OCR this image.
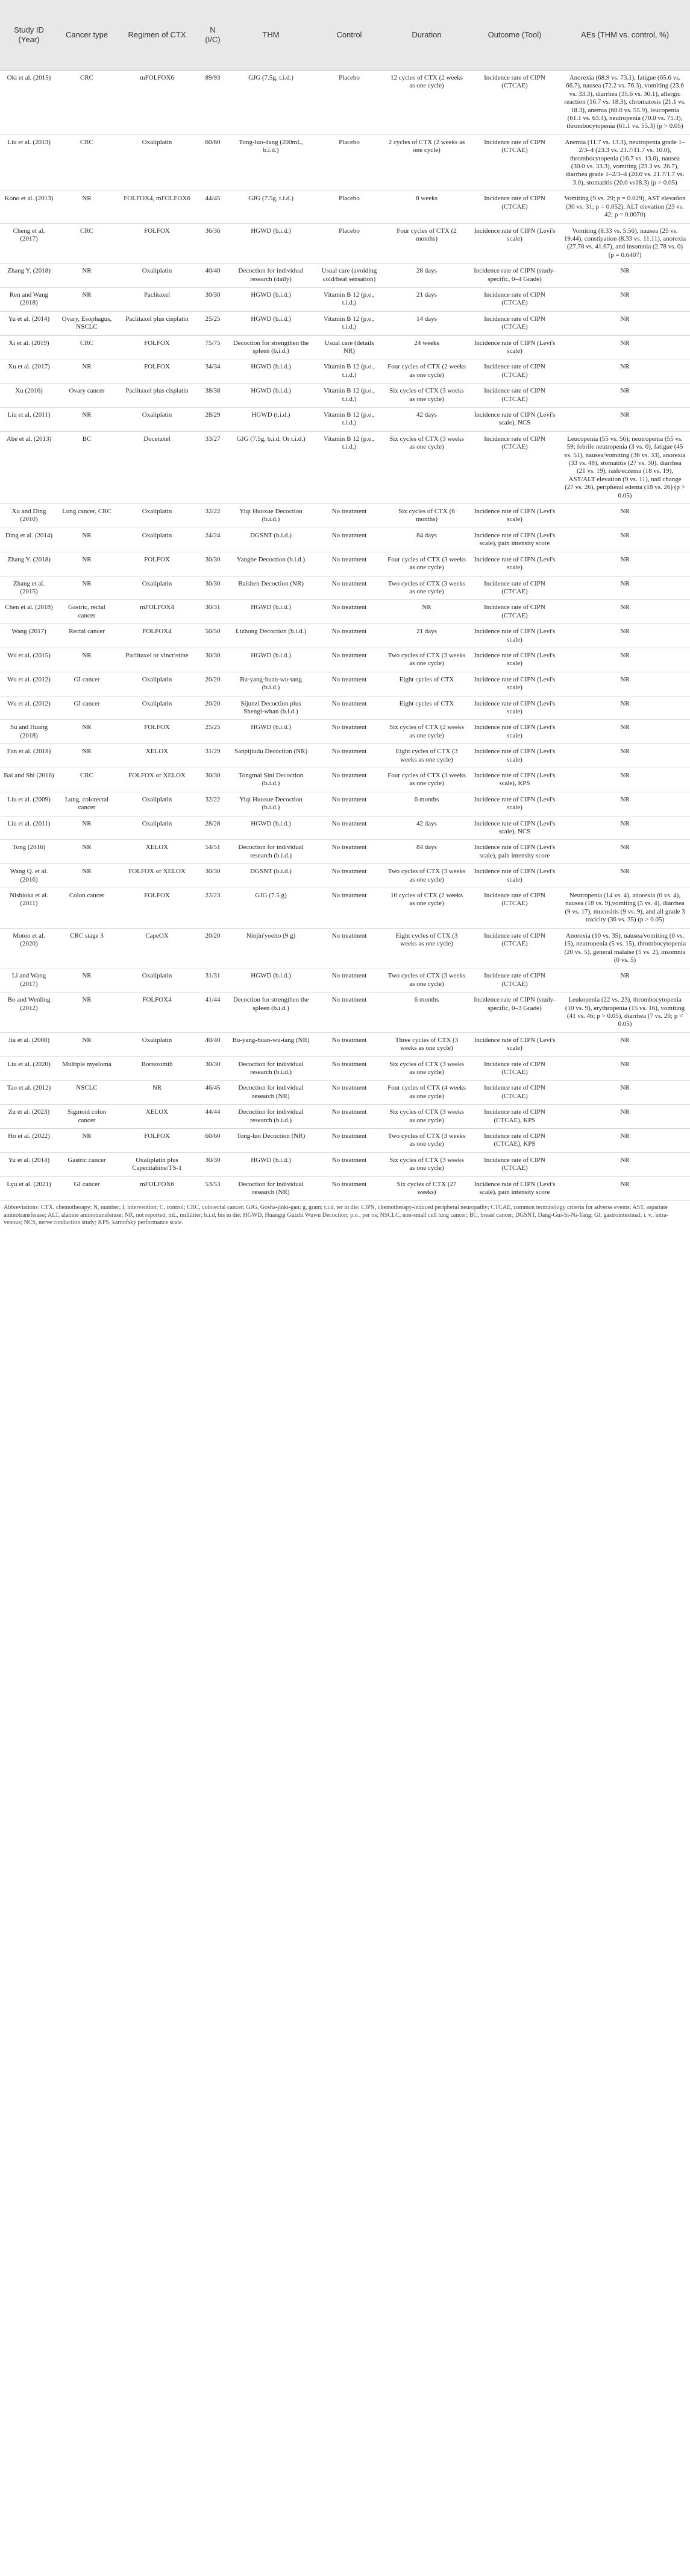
Study ID (Year)	Cancer type	Regimen of CTX	N (I/C)	THM	Control	Duration	Outcome (Tool)	AEs (THM vs. control, %)
Oki et al. (2015)	CRC	mFOLFOX6	89/93	GJG (7.5g, t.i.d.)	Placebo	12 cycles of CTX (2 weeks as one cycle)	Incidence rate of CIPN (CTCAE)	Anorexia (68.9 vs. 73.1), fatigue (65.6 vs. 66.7), nausea (72.2 vs. 76.3), vomiting (23.6 vs. 33.3), diarrhea (35.6 vs. 30.1), allergic reaction (16.7 vs. 18.3), chromatosis (21.1 vs. 18.3), anemia (60.0 vs. 55.9), leucopenia (61.1 vs. 63.4), neutropenia (70.0 vs. 75.3), thrombocytopenia (61.1 vs. 55.3) (p > 0.05)
Liu et al. (2013)	CRC	Oxaliplatin	60/60	Tong-luo-dang (200mL, b.i.d.)	Placebo	2 cycles of CTX (2 weeks as one cycle)	Incidence rate of CIPN (CTCAE)	Anemia (11.7 vs. 13.3), neutropenia grade 1–2/3–4 (23.3 vs. 21.7/11.7 vs. 10.0), thrombocytopenia (16.7 vs. 13.0), nausea (30.0 vs. 33.3), vomiting (23.3 vs. 26.7), diarrhea grade 1–2/3–4 (20.0 vs. 21.7/1.7 vs. 3.0), stomatitis (20.0 vs18.3) (p > 0.05)
Kono et al. (2013)	NR	FOLFOX4, mFOLFOX6	44/45	GJG (7.5g, t.i.d.)	Placebo	8 weeks	Incidence rate of CIPN (CTCAE)	Vomiting (9 vs. 29; p = 0.029), AST elevation (30 vs. 31; p = 0.052), ALT elevation (23 vs. 42; p = 0.0070)
Cheng et al. (2017)	CRC	FOLFOX	36/36	HGWD (b.i.d.)	Placebo	Four cycles of CTX (2 months)	Incidence rate of CIPN (Levi's scale)	Vomiting (8.33 vs. 5.56), nausea (25 vs. 19.44), constipation (8.33 vs. 11.11), anorexia (27.78 vs. 41.67), and insomnia (2.78 vs. 0) (p = 0.6407)
Zhang Y. (2018)	NR	Oxaliplatin	40/40	Decoction for individual research (daily)	Usual care (avoiding cold/heat sensation)	28 days	Incidence rate of CIPN (study-specific, 0–4 Grade)	NR
Ren and Wang (2018)	NR	Paclitaxel	30/30	HGWD (b.i.d.)	Vitamin B 12 (p.o., t.i.d.)	21 days	Incidence rate of CIPN (CTCAE)	NR
Yu et al. (2014)	Ovary, Esophagus, NSCLC	Paclitaxel plus cisplatin	25/25	HGWD (b.i.d.)	Vitamin B 12 (p.o., t.i.d.)	14 days	Incidence rate of CIPN (CTCAE)	NR
Xi et al. (2019)	CRC	FOLFOX	75/75	Decoction for strengthen the spleen (b.i.d.)	Usual care (details NR)	24 weeks	Incidence rate of CIPN (Levi's scale)	NR
Xu et al. (2017)	NR	FOLFOX	34/34	HGWD (b.i.d.)	Vitamin B 12 (p.o., t.i.d.)	Four cycles of CTX (2 weeks as one cycle)	Incidence rate of CIPN (CTCAE)	NR
Xu (2016)	Ovary cancer	Paclitaxel plus cisplatin	38/38	HGWD (b.i.d.)	Vitamin B 12 (p.o., t.i.d.)	Six cycles of CTX (3 weeks as one cycle)	Incidence rate of CIPN (CTCAE)	NR
Liu et al. (2011)	NR	Oxaliplatin	28/29	HGWD (t.i.d.)	Vitamin B 12 (p.o., t.i.d.)	42 days	Incidence rate of CIPN (Levi's scale), NCS	NR
Abe et al. (2013)	BC	Docetaxel	33/27	GJG (7.5g, b.i.d. Or t.i.d.)	Vitamin B 12 (p.o., t.i.d.)	Six cycles of CTX (3 weeks as one cycle)	Incidence rate of CIPN (CTCAE)	Leucopenia (55 vs. 56); neutropenia (55 vs. 59; febrile neutropenia (3 vs. 0), fatigue (45 vs. 51), nausea/vomiting (36 vs. 33), anorexia (33 vs. 48), stomatitis (27 vs. 30), diarrhea (21 vs. 19), rash/eczema (18 vs. 19), AST/ALT elevation (9 vs. 11), nail change (27 vs. 26), peripheral edema (18 vs. 26) (p > 0.05)
Xu and Ding (2010)	Lung cancer, CRC	Oxaliplatin	32/22	Yiqi Huoxue Decoction (b.i.d.)	No treatment	Six cycles of CTX (6 months)	Incidence rate of CIPN (Levi's scale)	NR
Ding et al. (2014)	NR	Oxaliplatin	24/24	DGSNT (b.i.d.)	No treatment	84 days	Incidence rate of CIPN (Levi's scale), pain intensity score	NR
Zhang Y. (2018)	NR	FOLFOX	30/30	Yangbe Decoction (b.i.d.)	No treatment	Four cycles of CTX (3 weeks as one cycle)	Incidence rate of CIPN (Levi's scale)	NR
Zhang et al. (2015)	NR	Oxaliplatin	30/30	Baishen Decoction (NR)	No treatment	Two cycles of CTX (3 weeks as one cycle)	Incidence rate of CIPN (CTCAE)	NR
Chen et al. (2018)	Gastric, rectal cancer	mFOLFOX4	30/31	HGWD (b.i.d.)	No treatment	NR	Incidence rate of CIPN (CTCAE)	NR
Wang (2017)	Rectal cancer	FOLFOX4	50/50	Lizhong Decoction (b.i.d.)	No treatment	21 days	Incidence rate of CIPN (Levi's scale)	NR
Wu et al. (2015)	NR	Paclitaxel or vincristine	30/30	HGWD (b.i.d.)	No treatment	Two cycles of CTX (3 weeks as one cycle)	Incidence rate of CIPN (Levi's scale)	NR
Wu et al. (2012)	GI cancer	Oxaliplatin	20/20	Bu-yang-huan-wu-tang (b.i.d.)	No treatment	Eight cycles of CTX	Incidence rate of CIPN (Levi's scale)	NR
Wu et al. (2012)	GI cancer	Oxaliplatin	20/20	Sijunzi Decoction plus Shengi-whan (b.i.d.)	No treatment	Eight cycles of CTX	Incidence rate of CIPN (Levi's scale)	NR
Su and Huang (2018)	NR	FOLFOX	25/25	HGWD (b.i.d.)	No treatment	Six cycles of CTX (2 weeks as one cycle)	Incidence rate of CIPN (Levi's scale)	NR
Fan et al. (2018)	NR	XELOX	31/29	Sanpijiudu Decoction (NR)	No treatment	Eight cycles of CTX (3 weeks as one cycle)	Incidence rate of CIPN (Levi's scale)	NR
Bai and Shi (2016)	CRC	FOLFOX or XELOX	30/30	Tongmai Sini Decoction (b.i.d.)	No treatment	Four cycles of CTX (3 weeks as one cycle)	Incidence rate of CIPN (Levi's scale), KPS	NR
Liu et al. (2009)	Lung, colorectal cancer	Oxaliplatin	32/22	Yiqi Huoxue Decoction (b.i.d.)	No treatment	6 months	Incidence rate of CIPN (Levi's scale)	NR
Liu et al. (2011)	NR	Oxaliplatin	28/28	HGWD (b.i.d.)	No treatment	42 days	Incidence rate of CIPN (Levi's scale), NCS	NR
Tong (2016)	NR	XELOX	54/51	Decoction for individual research (b.i.d.)	No treatment	84 days	Incidence rate of CIPN (Levi's scale), pain intensity score	NR
Wang Q. et al. (2016)	NR	FOLFOX or XELOX	30/30	DGSNT (b.i.d.)	No treatment	Two cycles of CTX (3 weeks as one cycle)	Incidence rate of CIPN (Levi's scale)	NR
Nishioka et al. (2011)	Colon cancer	FOLFOX	22/23	GJG (7.5 g)	No treatment	10 cycles of CTX (2 weeks as one cycle)	Incidence rate of CIPN (CTCAE)	Neutropenia (14 vs. 4), anorexia (0 vs. 4), nausea (18 vs. 9),vomiting (5 vs. 4), diarrhea (9 vs. 17), mucositis (9 vs. 9), and all grade 3 toxicity (36 vs. 35) (p > 0.05)
Motoo et al. (2020)	CRC stage 3	CapeOX	20/20	Ninjin'yoeito (9 g)	No treatment	Eight cycles of CTX (3 weeks as one cycle)	Incidence rate of CIPN (CTCAE)	Anorexia (10 vs. 35), nausea/vomiting (0 vs. 15), neutropenia (5 vs. 15), thrombocytopenia (20 vs. 5), general malaise (5 vs. 2), insomnia (0 vs. 5)
Li and Wang (2017)	NR	Oxaliplatin	31/31	HGWD (b.i.d.)	No treatment	Two cycles of CTX (3 weeks as one cycle)	Incidence rate of CIPN (CTCAE)	NR
Bo and Wenling (2012)	NR	FOLFOX4	41/44	Decoction for strengthen the spleen (b.i.d.)	No treatment	6 months	Incidence rate of CIPN (study-specific, 0–3 Grade)	Leukopenia (22 vs. 23), thrombocytopenia (10 vs. 9), erythropenia (15 vs. 16), vomiting (41 vs. 46; p > 0.05), diarrhea (7 vs. 20; p < 0.05)
Jia et al. (2008)	NR	Oxaliplatin	40/40	Bu-yang-huan-wu-tang (NR)	No treatment	Three cycles of CTX (3 weeks as one cycle)	Incidence rate of CIPN (Levi's scale)	NR
Liu et al. (2020)	Multiple myeloma	Bortezomib	30/30	Decoction for individual research (b.i.d.)	No treatment	Six cycles of CTX (3 weeks as one cycle)	Incidence rate of CIPN (CTCAE)	NR
Tao et al. (2012)	NSCLC	NR	46/45	Decoction for individual research (NR)	No treatment	Four cycles of CTX (4 weeks as one cycle)	Incidence rate of CIPN (CTCAE)	NR
Zu et al. (2023)	Sigmoid colon cancer	XELOX	44/44	Decoction for individual research (b.i.d.)	No treatment	Six cycles of CTX (3 weeks as one cycle)	Incidence rate of CIPN (CTCAE), KPS	NR
Ho et al. (2022)	NR	FOLFOX	60/60	Tong-luo Decoction (NR)	No treatment	Two cycles of CTX (3 weeks as one cycle)	Incidence rate of CIPN (CTCAE), KPS	NR
Yu et al. (2014)	Gastric cancer	Oxaliplatin plus Capecitabine/TS-1	30/30	HGWD (b.i.d.)	No treatment	Six cycles of CTX (3 weeks as one cycle)	Incidence rate of CIPN (CTCAE)	NR
Lyu et al. (2021)	GI cancer	mFOLFOX6	53/53	Decoction for individual research (NR)	No treatment	Six cycles of CTX (27 weeks)	Incidence rate of CIPN (Levi's scale), pain intensity score	NR
Abbreviations: CTX, chemotherapy; N, number; I, intervention; C, control; CRC, colorectal cancer; GJG, Gosha-jinki-gan; g, gram; t.i.d, ter in die; CIPN, chemotherapy-induced peripheral neuropathy; CTCAE, common terminology criteria for adverse events; AST, aspartate aminotransferase; ALT, alanine aminotransferase; NR, not reported; mL, milliliter; b.i.d, bis in die; HGWD, Huangqi Guizhi Wuwu Decoction; p.o., per os; NSCLC, non-small cell lung cancer; BC, breast cancer; DGSNT, Dang-Gui-Si-Ni-Tang; GI, gastrointestinal; i. v., intra-venous; NCS, nerve conduction study; KPS, karnofsky performance scale.
